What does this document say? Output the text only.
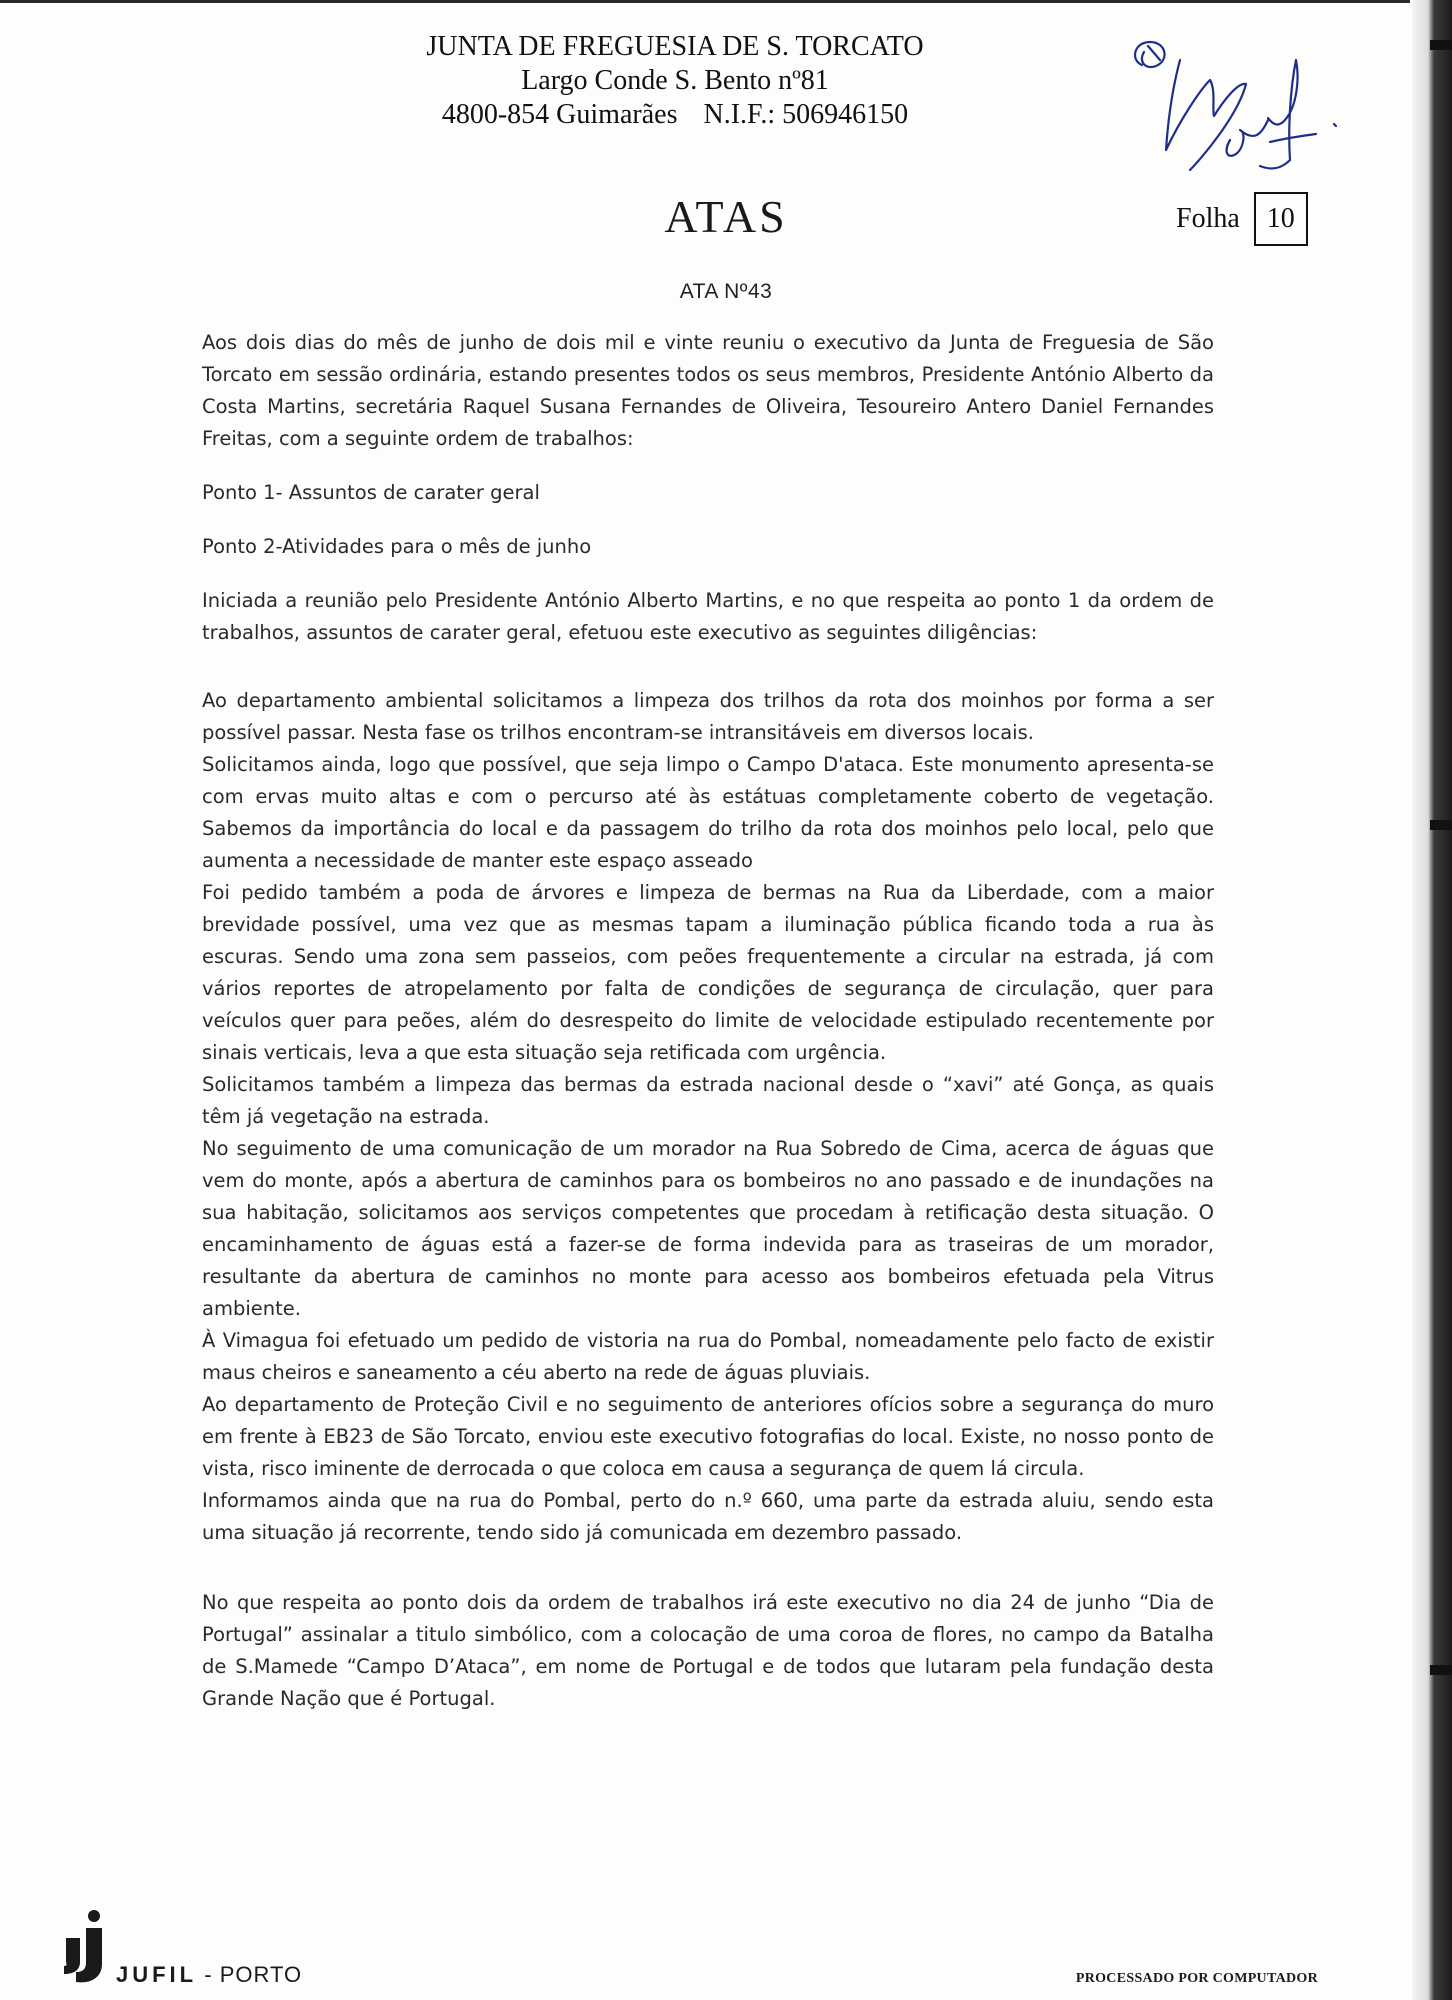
JUNTA DE FREGUESIA DE S. TORCATO

Largo Conde S. Bento nº81
4800-854 Guimarães N.I.F.: 506946150
ATAS	Folha 10
ATA Nº43

Aos dois dias do mês de junho de dois mil e vinte reuniu o executivo da Junta de Freguesia de São Torcato em sessão ordinária, estando presentes todos os seus membros, Presidente António Alberto da Costa Martins, secretária Raquel Susana Fernandes de Oliveira, Tesoureiro Antero Daniel Fernandes Freitas, com a seguinte ordem de trabalhos:

Ponto 1- Assuntos de carater geral

Ponto 2-Atividades para o mês de junho

Iniciada a reunião pelo Presidente António Alberto Martins, e no que respeita ao ponto 1 da ordem de trabalhos, assuntos de carater geral, efetuou este executivo as seguintes diligências:

Ao departamento ambiental solicitamos a limpeza dos trilhos da rota dos moinhos por forma a ser possível passar. Nesta fase os trilhos encontram-se intransitáveis em diversos locais.

Solicitamos ainda, logo que possível, que seja limpo o Campo D'ataca. Este monumento apresenta-se com ervas muito altas e com o percurso até às estátuas completamente coberto de vegetação. Sabemos da importância do local e da passagem do trilho da rota dos moinhos pelo local, pelo que aumenta a necessidade de manter este espaço asseado

Foi pedido também a poda de árvores e limpeza de bermas na Rua da Liberdade, com a maior brevidade possível, uma vez que as mesmas tapam a iluminação pública ficando toda a rua às escuras. Sendo uma zona sem passeios, com peões frequentemente a circular na estrada, já com vários reportes de atropelamento por falta de condições de segurança de circulação, quer para veículos quer para peões, além do desrespeito do limite de velocidade estipulado recentemente por sinais verticais, leva a que esta situação seja retificada com urgência.

Solicitamos também a limpeza das bermas da estrada nacional desde o “xavi” até Gonça, as quais têm já vegetação na estrada.

No seguimento de uma comunicação de um morador na Rua Sobredo de Cima, acerca de águas que vem do monte, após a abertura de caminhos para os bombeiros no ano passado e de inundações na sua habitação, solicitamos aos serviços competentes que procedam à retificação desta situação. O encaminhamento de águas está a fazer-se de forma indevida para as traseiras de um morador, resultante da abertura de caminhos no monte para acesso aos bombeiros efetuada pela Vitrus ambiente.

À Vimagua foi efetuado um pedido de vistoria na rua do Pombal, nomeadamente pelo facto de existir maus cheiros e saneamento a céu aberto na rede de águas pluviais.

Ao departamento de Proteção Civil e no seguimento de anteriores ofícios sobre a segurança do muro em frente à EB23 de São Torcato, enviou este executivo fotografias do local. Existe, no nosso ponto de vista, risco iminente de derrocada o que coloca em causa a segurança de quem lá circula.

Informamos ainda que na rua do Pombal, perto do n.º 660, uma parte da estrada aluiu, sendo esta uma situação já recorrente, tendo sido já comunicada em dezembro passado.

No que respeita ao ponto dois da ordem de trabalhos irá este executivo no dia 24 de junho “Dia de Portugal” assinalar a titulo simbólico, com a colocação de uma coroa de flores, no campo da Batalha de S.Mamede “Campo D’Ataca”, em nome de Portugal e de todos que lutaram pela fundação desta Grande Nação que é Portugal.

JUFIL - PORTO	PROCESSADO POR COMPUTADOR
